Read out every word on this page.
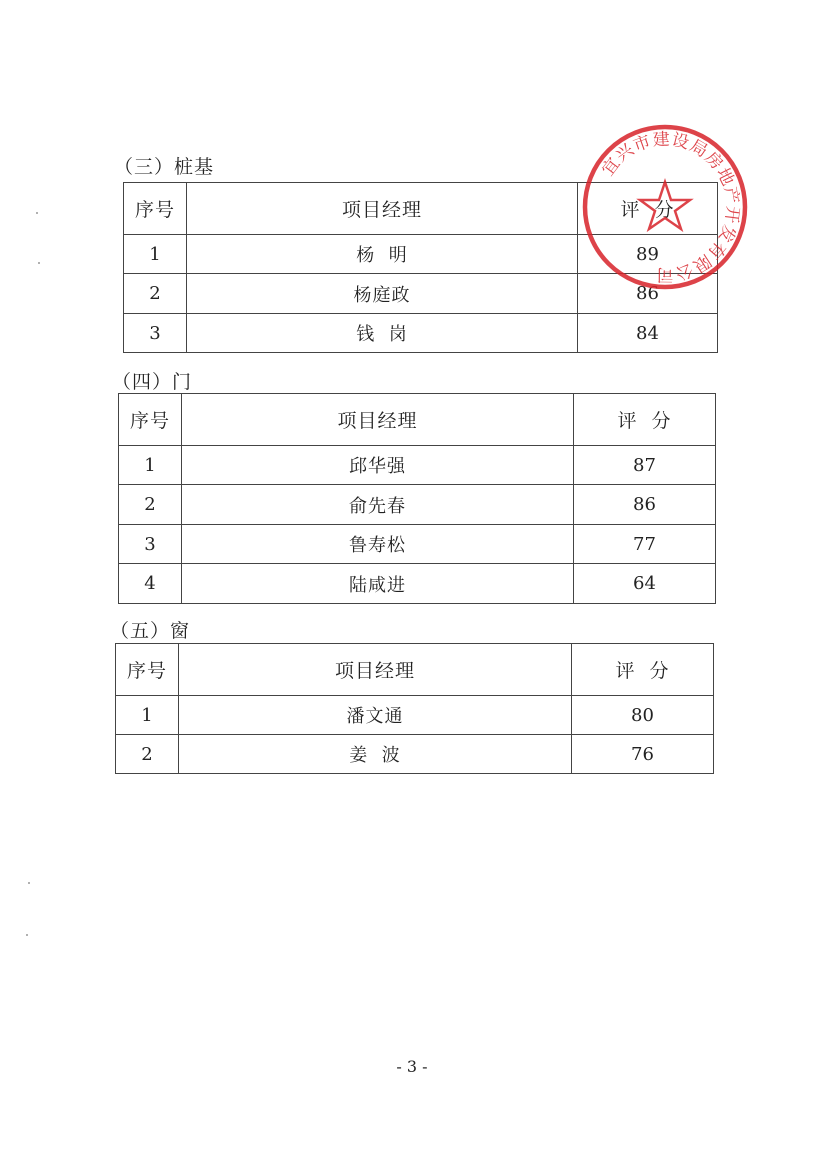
（三）桩基
序号	项目经理	评  分
1	杨  明	89
2	杨庭政	86
3	钱  岗	84
（四）门
序号	项目经理	评  分
1	邱华强	87
2	俞先春	86
3	鲁寿松	77
4	陆咸进	64
（五）窗
序号	项目经理	评  分
1	潘文通	80
2	姜  波	76
宜兴市建设局房地产开发有限公司
- 3 -
